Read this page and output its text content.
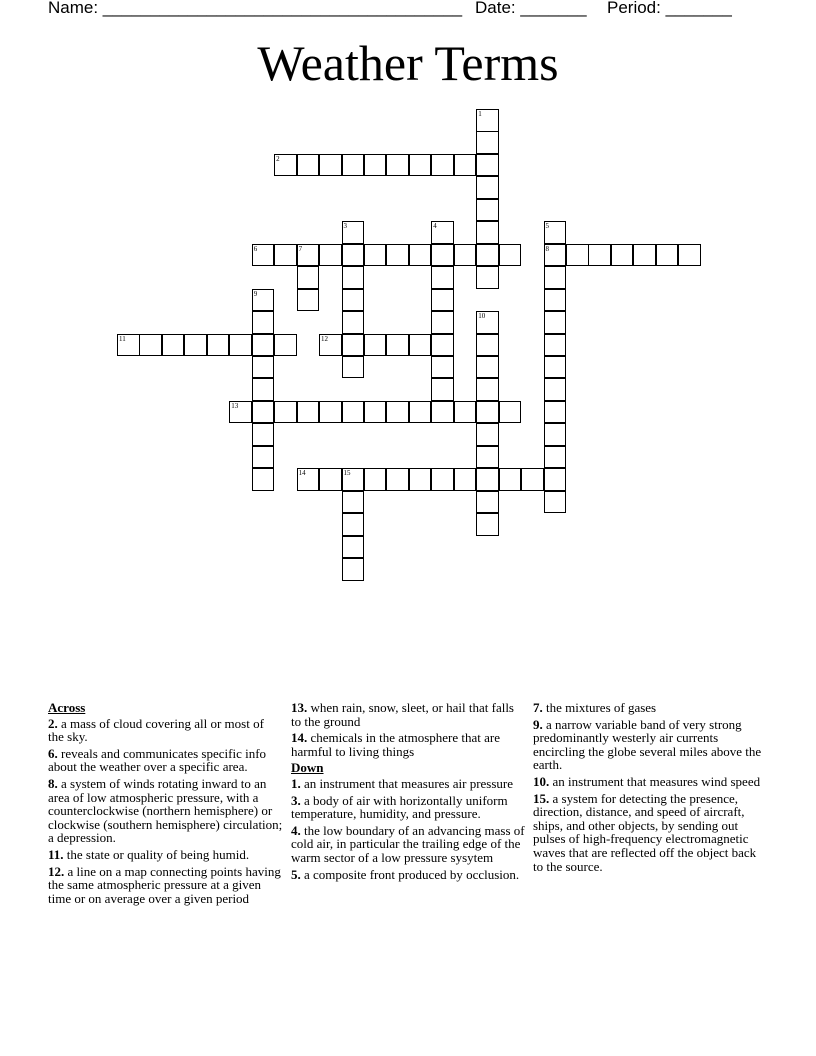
Name: ______________________________________ Date: _______ Period: _______
Weather Terms
1
2
3	4	5
8
6	7
9
10
11	12
13
14	15
Across
2. a mass of cloud covering all or most of the sky.
6. reveals and communicates specific info about the weather over a specific area.
8. a system of winds rotating inward to an area of low atmospheric pressure, with a counterclockwise (northern hemisphere) or clockwise (southern hemisphere) circulation; a depression.
11. the state or quality of being humid.
12. a line on a map connecting points having the same atmospheric pressure at a given time or on average over a given period
13. when rain, snow, sleet, or hail that falls to the ground
14. chemicals in the atmosphere that are harmful to living things
Down
1. an instrument that measures air pressure
3. a body of air with horizontally uniform temperature, humidity, and pressure.
4. the low boundary of an advancing mass of cold air, in particular the trailing edge of the warm sector of a low pressure sysytem
5. a composite front produced by occlusion.
7. the mixtures of gases
9. a narrow variable band of very strong predominantly westerly air currents encircling the globe several miles above the earth.
10. an instrument that measures wind speed
15. a system for detecting the presence, direction, distance, and speed of aircraft, ships, and other objects, by sending out pulses of high-frequency electromagnetic waves that are reflected off the object back to the source.
